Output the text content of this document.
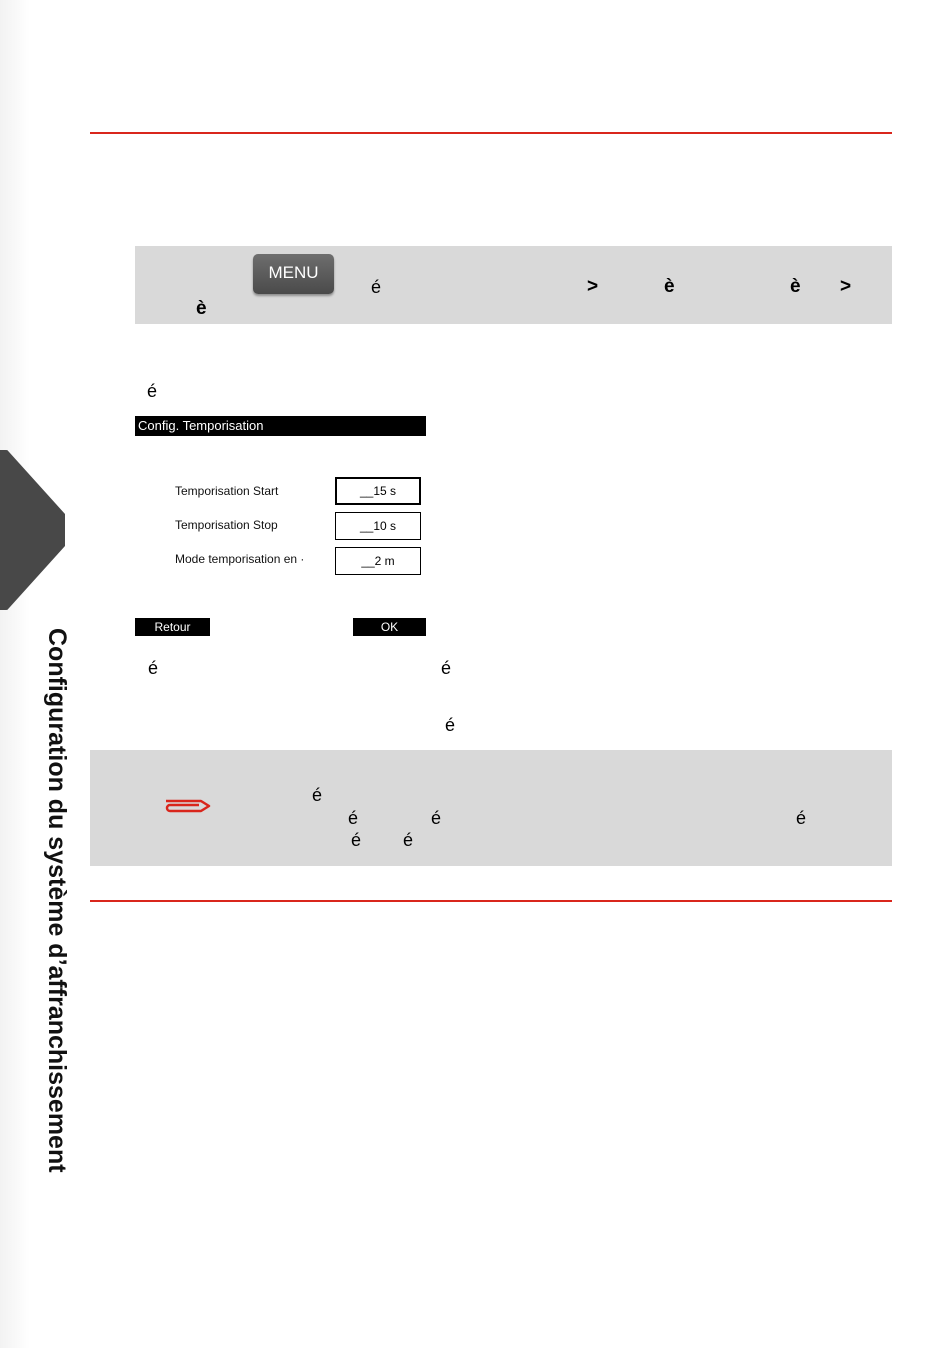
Configuration du système d’affranchissement
MENU
é	>	è	è >
è
é
Config. Temporisation
Temporisation Start	__15 s
Temporisation Stop	__10 s
Mode temporisation en ·	__2 m
Retour	OK
é	é
é
é
é	é	é
é é
